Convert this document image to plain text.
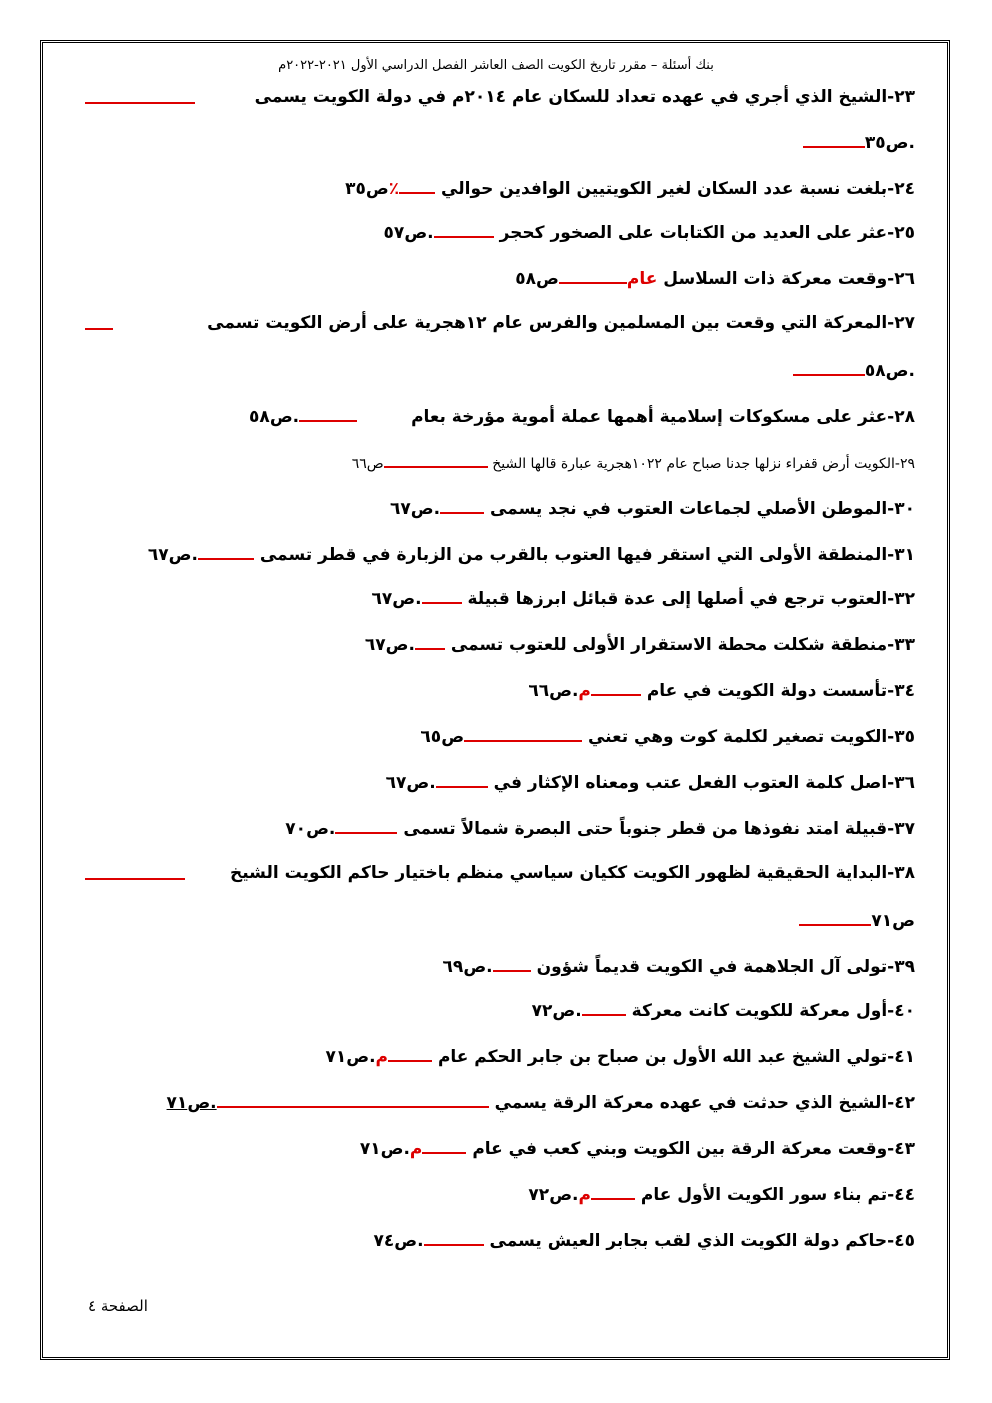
بنك أسئلة – مقرر تاريخ الكويت الصف العاشر الفصل الدراسي الأول ٢٠٢١-٢٠٢٢م
٢٣-الشيخ الذي أجري في عهده تعداد للسكان عام ٢٠١٤م في دولة الكويت يسمى
.ص٣٥
٢٤-بلغت نسبة عدد السكان لغير الكويتيين الوافدين حوالي ٪ص٣٥
٢٥-عثر على العديد من الكتابات على الصخور كحجر .ص٥٧
٢٦-وقعت معركة ذات السلاسل عامص٥٨
٢٧-المعركة التي وقعت بين المسلمين والفرس عام ١٢هجرية على أرض الكويت تسمى
.ص٥٨
٢٨-عثر على مسكوكات إسلامية أهمها عملة أموية مؤرخة بعام .ص٥٨
٢٩-الكويت أرض قفراء نزلها جدنا صباح عام ١٠٢٢هجرية عبارة قالها الشيخ ص٦٦
٣٠-الموطن الأصلي لجماعات العتوب في نجد يسمى .ص٦٧
٣١-المنطقة الأولى التي استقر فيها العتوب بالقرب من الزبارة في قطر تسمى .ص٦٧
٣٢-العتوب ترجع في أصلها إلى عدة قبائل ابرزها قبيلة .ص٦٧
٣٣-منطقة شكلت محطة الاستقرار الأولى للعتوب تسمى .ص٦٧
٣٤-تأسست دولة الكويت في عام م.ص٦٦
٣٥-الكويت تصغير لكلمة كوت وهي تعني ص٦٥
٣٦-اصل كلمة العتوب الفعل عتب ومعناه الإكثار في .ص٦٧
٣٧-قبيلة امتد نفوذها من قطر جنوباً حتى البصرة شمالاً تسمى .ص٧٠
٣٨-البداية الحقيقية لظهور الكويت ككيان سياسي منظم باختيار حاكم الكويت الشيخ
ص٧١
٣٩-تولى آل الجلاهمة في الكويت قديماً شؤون .ص٦٩
٤٠-أول معركة للكويت كانت معركة .ص٧٢
٤١-تولي الشيخ عبد الله الأول بن صباح بن جابر الحكم عام م.ص٧١
٤٢-الشيخ الذي حدثت في عهده معركة الرقة يسمي .ص٧١
٤٣-وقعت معركة الرقة بين الكويت وبني كعب في عام م.ص٧١
٤٤-تم بناء سور الكويت الأول عام م.ص٧٢
٤٥-حاكم دولة الكويت الذي لقب بجابر العيش يسمى .ص٧٤
الصفحة ٤
